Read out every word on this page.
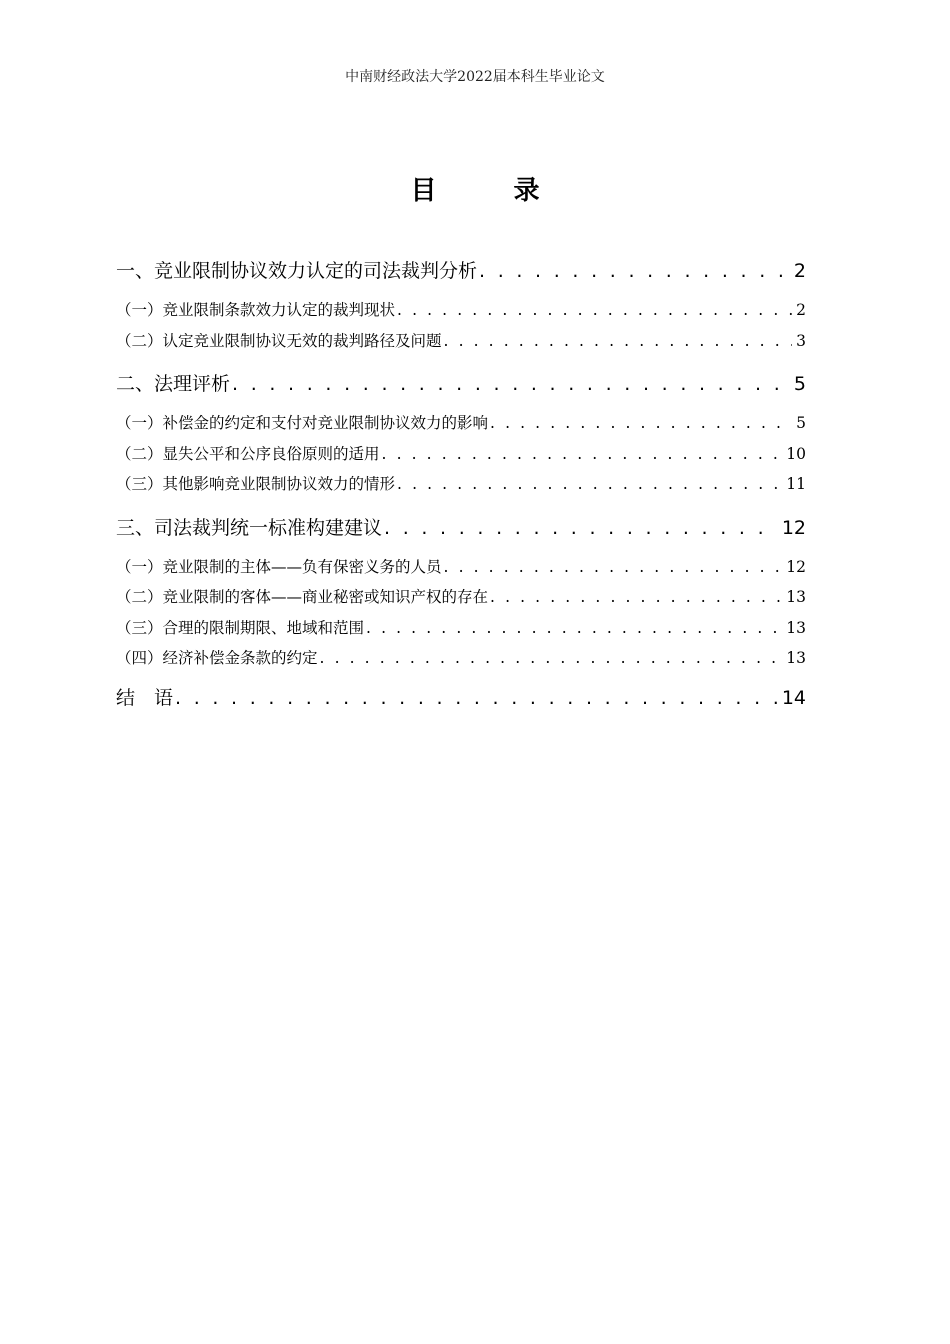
中南财经政法大学2022届本科生毕业论文
目 录
一、竞业限制协议效力认定的司法裁判分析 . . .	2
（一）竞业限制条款效力认定的裁判现状 . . .	2
（二）认定竞业限制协议无效的裁判路径及问题 . . .	3
二、法理评析 . . .	5
（一）补偿金的约定和支付对竞业限制协议效力的影响 . . .	5
（二）显失公平和公序良俗原则的适用 . . .	10
（三）其他影响竞业限制协议效力的情形 . . .	11
三、司法裁判统一标准构建建议 . . .	12
（一）竞业限制的主体——负有保密义务的人员 . . .	12
（二）竞业限制的客体——商业秘密或知识产权的存在 . . .	13
（三）合理的限制期限、地域和范围 . . .	13
（四）经济补偿金条款的约定 . . .	13
结　语 . . .	14
